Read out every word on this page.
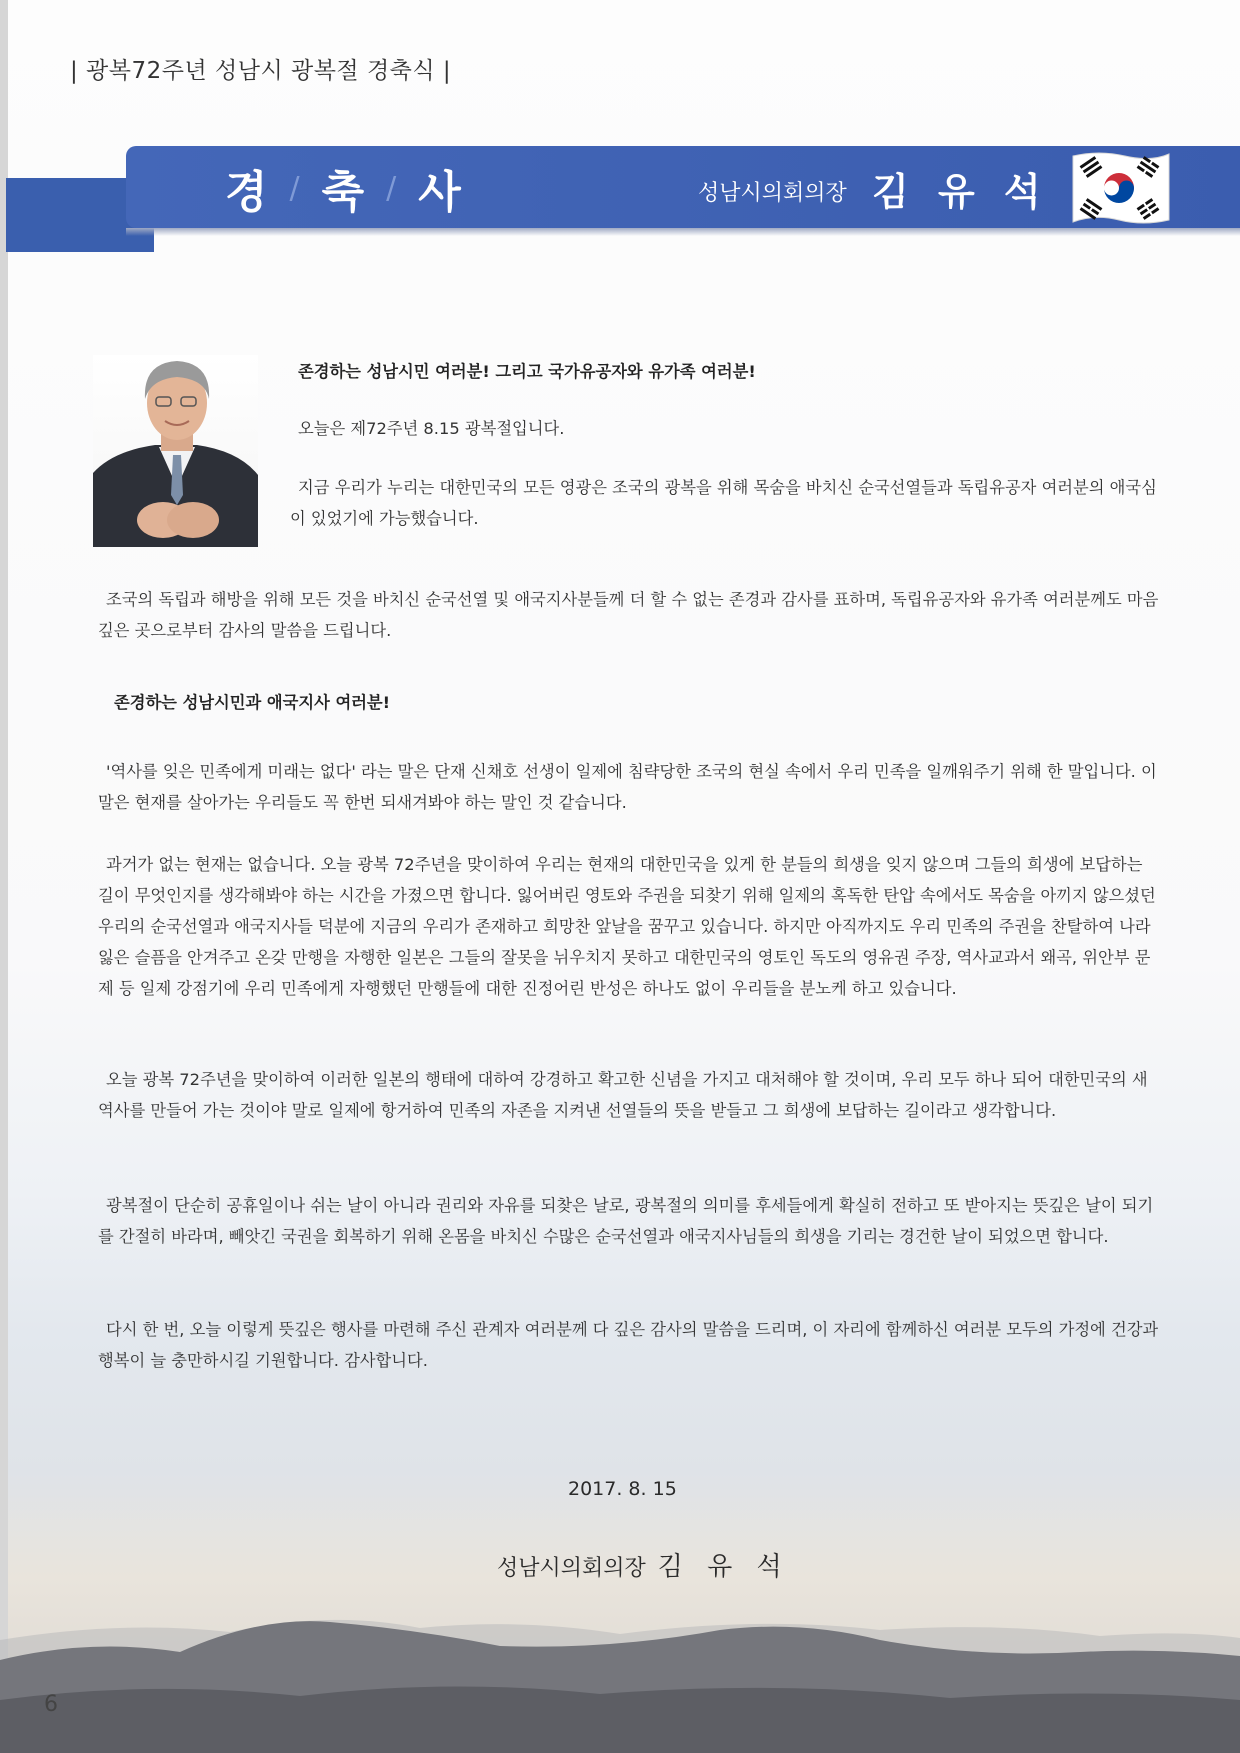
| 광복72주년 성남시 광복절 경축식 |
경 / 축 / 사	성남시의회의장 김 유 석
존경하는 성남시민 여러분! 그리고 국가유공자와 유가족 여러분!
오늘은 제72주년 8.15 광복절입니다.
지금 우리가 누리는 대한민국의 모든 영광은 조국의 광복을 위해 목숨을 바치신 순국선열들과 독립유공자 여러분의 애국심이 있었기에 가능했습니다.
조국의 독립과 해방을 위해 모든 것을 바치신 순국선열 및 애국지사분들께 더 할 수 없는 존경과 감사를 표하며, 독립유공자와 유가족 여러분께도 마음 깊은 곳으로부터 감사의 말씀을 드립니다.
존경하는 성남시민과 애국지사 여러분!
'역사를 잊은 민족에게 미래는 없다' 라는 말은 단재 신채호 선생이 일제에 침략당한 조국의 현실 속에서 우리 민족을 일깨워주기 위해 한 말입니다. 이 말은 현재를 살아가는 우리들도 꼭 한번 되새겨봐야 하는 말인 것 같습니다.
과거가 없는 현재는 없습니다. 오늘 광복 72주년을 맞이하여 우리는 현재의 대한민국을 있게 한 분들의 희생을 잊지 않으며 그들의 희생에 보답하는 길이 무엇인지를 생각해봐야 하는 시간을 가졌으면 합니다. 잃어버린 영토와 주권을 되찾기 위해 일제의 혹독한 탄압 속에서도 목숨을 아끼지 않으셨던 우리의 순국선열과 애국지사들 덕분에 지금의 우리가 존재하고 희망찬 앞날을 꿈꾸고 있습니다. 하지만 아직까지도 우리 민족의 주권을 찬탈하여 나라 잃은 슬픔을 안겨주고 온갖 만행을 자행한 일본은 그들의 잘못을 뉘우치지 못하고 대한민국의 영토인 독도의 영유권 주장, 역사교과서 왜곡, 위안부 문제 등 일제 강점기에 우리 민족에게 자행했던 만행들에 대한 진정어린 반성은 하나도 없이 우리들을 분노케 하고 있습니다.
오늘 광복 72주년을 맞이하여 이러한 일본의 행태에 대하여 강경하고 확고한 신념을 가지고 대처해야 할 것이며, 우리 모두 하나 되어 대한민국의 새 역사를 만들어 가는 것이야 말로 일제에 항거하여 민족의 자존을 지켜낸 선열들의 뜻을 받들고 그 희생에 보답하는 길이라고 생각합니다.
광복절이 단순히 공휴일이나 쉬는 날이 아니라 권리와 자유를 되찾은 날로, 광복절의 의미를 후세들에게 확실히 전하고 또 받아지는 뜻깊은 날이 되기를 간절히 바라며, 빼앗긴 국권을 회복하기 위해 온몸을 바치신 수많은 순국선열과 애국지사님들의 희생을 기리는 경건한 날이 되었으면 합니다.
다시 한 번, 오늘 이렇게 뜻깊은 행사를 마련해 주신 관계자 여러분께 다 깊은 감사의 말씀을 드리며, 이 자리에 함께하신 여러분 모두의 가정에 건강과 행복이 늘 충만하시길 기원합니다. 감사합니다.
2017. 8. 15
성남시의회의장 김 유 석
6
